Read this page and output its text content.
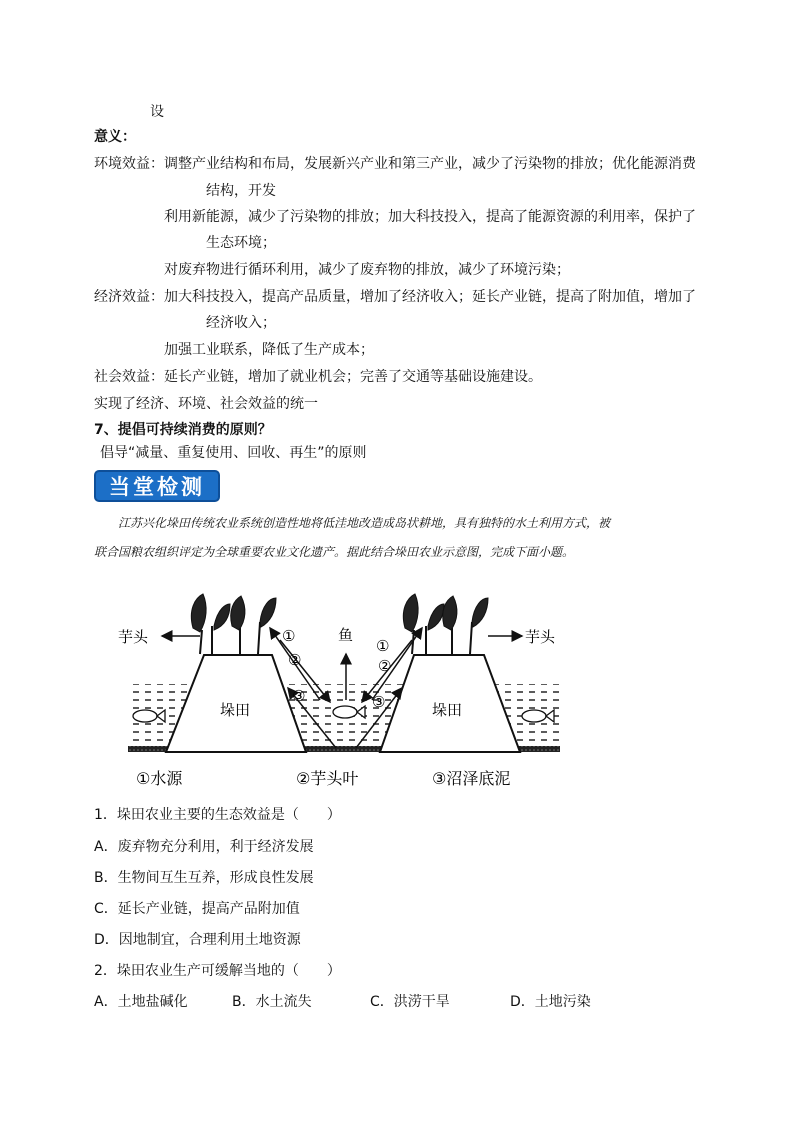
设
意义：
环境效益： 调整产业结构和布局，发展新兴产业和第三产业，减少了污染物的排放；优化能源消费
结构，开发
利用新能源，减少了污染物的排放；加大科技投入，提高了能源资源的利用率，保护了
生态环境；
对废弃物进行循环利用，减少了废弃物的排放，减少了环境污染；
经济效益： 加大科技投入，提高产品质量，增加了经济收入；延长产业链，提高了附加值，增加了
经济收入；
加强工业联系，降低了生产成本；
社会效益：延长产业链，增加了就业机会；完善了交通等基础设施建设。
实现了经济、环境、社会效益的统一
7、提倡可持续消费的原则？
倡导“减量、重复使用、回收、再生”的原则
当堂检测
江苏兴化垛田传统农业系统创造性地将低洼地改造成岛状耕地，具有独特的水土利用方式，被
联合国粮农组织评定为全球重要农业文化遗产。据此结合垛田农业示意图，完成下面小题。
芋头	芋头
鱼
垛田	垛田
①
②
③
①
②
③
①水源	②芋头叶	③沼泽底泥
1．垛田农业主要的生态效益是（　　）
A．废弃物充分利用，利于经济发展
B．生物间互生互养，形成良性发展
C．延长产业链，提高产品附加值
D．因地制宜，合理利用土地资源
2．垛田农业生产可缓解当地的（　　）
A．土地盐碱化	B．水土流失	C．洪涝干旱	D．土地污染
